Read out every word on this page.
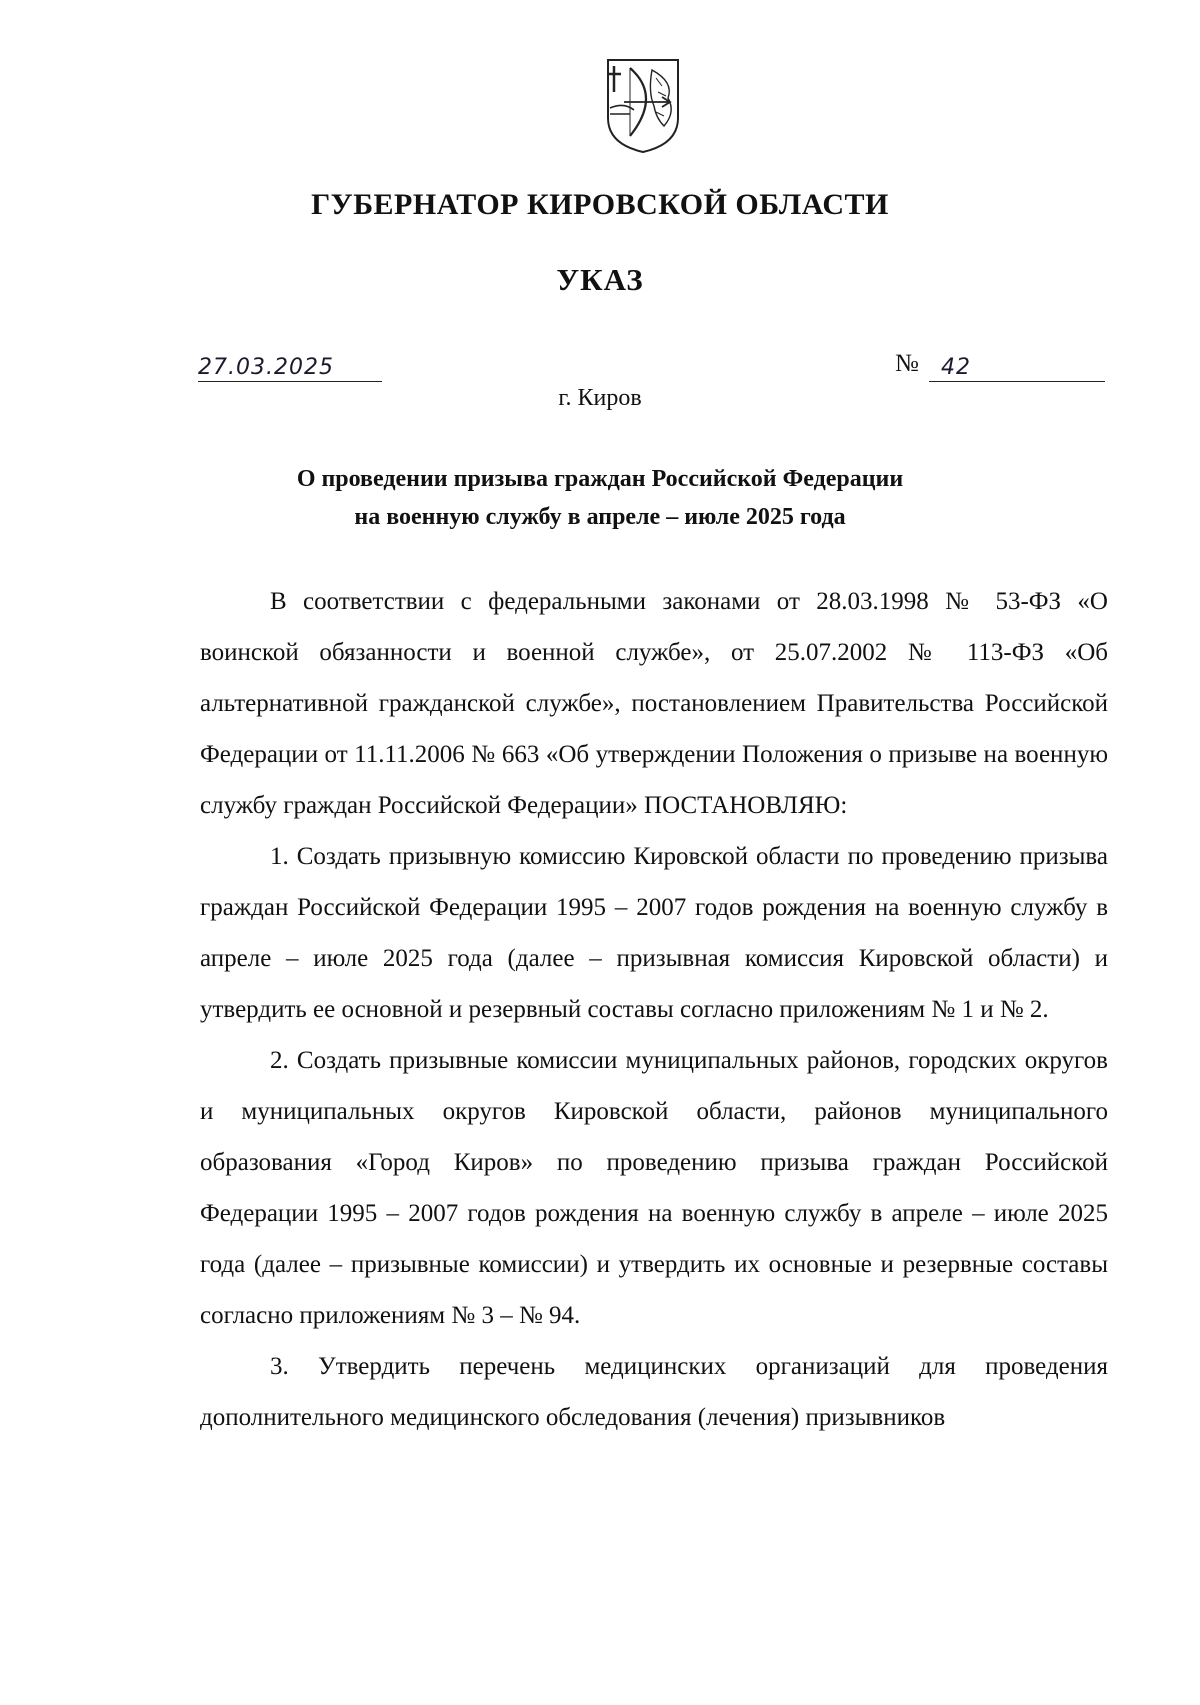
ГУБЕРНАТОР КИРОВСКОЙ ОБЛАСТИ
УКАЗ
27.03.2025	№ 42
г. Киров
О проведении призыва граждан Российской Федерации
на военную службу в апреле – июле 2025 года

В соответствии с федеральными законами от 28.03.1998 № 53-ФЗ «О воинской обязанности и военной службе», от 25.07.2002 № 113-ФЗ «Об альтернативной гражданской службе», постановлением Правительства Российской Федерации от 11.11.2006 № 663 «Об утверждении Положения о призыве на военную службу граждан Российской Федерации» ПОСТАНОВЛЯЮ:

1. Создать призывную комиссию Кировской области по проведению призыва граждан Российской Федерации 1995 – 2007 годов рождения на военную службу в апреле – июле 2025 года (далее – призывная комиссия Кировской области) и утвердить ее основной и резервный составы согласно приложениям № 1 и № 2.

2. Создать призывные комиссии муниципальных районов, городских округов и муниципальных округов Кировской области, районов муниципального образования «Город Киров» по проведению призыва граждан Российской Федерации 1995 – 2007 годов рождения на военную службу в апреле – июле 2025 года (далее – призывные комиссии) и утвердить их основные и резервные составы согласно приложениям № 3 – № 94.

3. Утвердить перечень медицинских организаций для проведения дополнительного медицинского обследования (лечения) призывников
